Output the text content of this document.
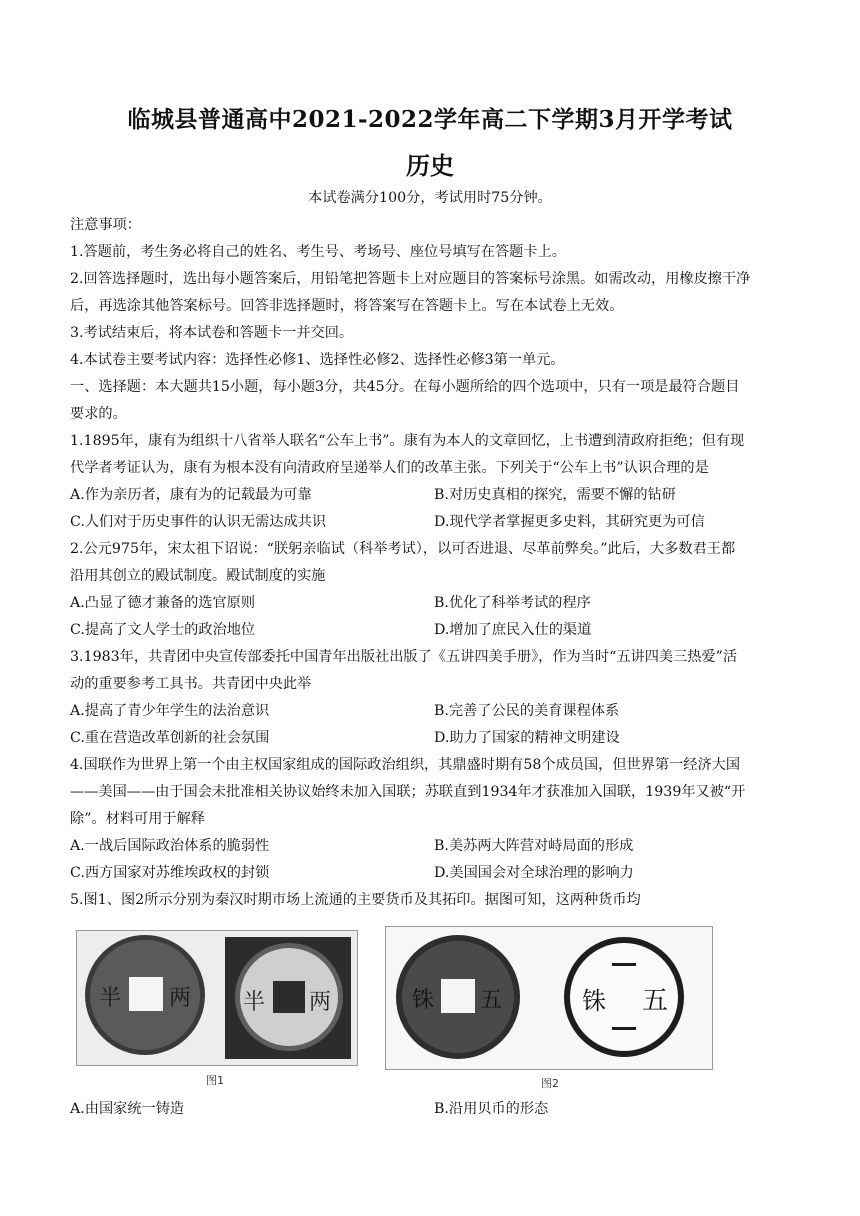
临城县普通高中2021-2022学年高二下学期3月开学考试
历史
本试卷满分100分，考试用时75分钟。
注意事项：
1.答题前，考生务必将自己的姓名、考生号、考场号、座位号填写在答题卡上。
2.回答选择题时，选出每小题答案后，用铅笔把答题卡上对应题目的答案标号涂黑。如需改动，用橡皮擦干净
后，再选涂其他答案标号。回答非选择题时，将答案写在答题卡上。写在本试卷上无效。
3.考试结束后，将本试卷和答题卡一并交回。
4.本试卷主要考试内容：选择性必修1、选择性必修2、选择性必修3第一单元。
一、选择题：本大题共15小题，每小题3分，共45分。在每小题所给的四个选项中，只有一项是最符合题目
要求的。
1.1895年，康有为组织十八省举人联名“公车上书”。康有为本人的文章回忆，上书遭到清政府拒绝；但有现
代学者考证认为，康有为根本没有向清政府呈递举人们的改革主张。下列关于“公车上书”认识合理的是
A.作为亲历者，康有为的记载最为可靠	B.对历史真相的探究，需要不懈的钻研
C.人们对于历史事件的认识无需达成共识	D.现代学者掌握更多史料，其研究更为可信
2.公元975年，宋太祖下诏说：“朕躬亲临试（科举考试），以可否进退、尽革前弊矣。”此后，大多数君王都
沿用其创立的殿试制度。殿试制度的实施
A.凸显了德才兼备的选官原则	B.优化了科举考试的程序
C.提高了文人学士的政治地位	D.增加了庶民入仕的渠道
3.1983年，共青团中央宣传部委托中国青年出版社出版了《五讲四美手册》，作为当时“五讲四美三热爱”活
动的重要参考工具书。共青团中央此举
A.提高了青少年学生的法治意识	B.完善了公民的美育课程体系
C.重在营造改革创新的社会氛围	D.助力了国家的精神文明建设
4.国联作为世界上第一个由主权国家组成的国际政治组织，其鼎盛时期有58个成员国，但世界第一经济大国
——美国——由于国会未批准相关协议始终未加入国联；苏联直到1934年才获准加入国联，1939年又被“开
除”。材料可用于解释
A.一战后国际政治体系的脆弱性	B.美苏两大阵营对峙局面的形成
C.西方国家对苏维埃政权的封锁	D.美国国会对全球治理的影响力
5.图1、图2所示分别为秦汉时期市场上流通的主要货币及其拓印。据图可知，这两种货币均
半 两 半 两
图1
铢 五	铢 五
图2
A.由国家统一铸造	B.沿用贝币的形态
